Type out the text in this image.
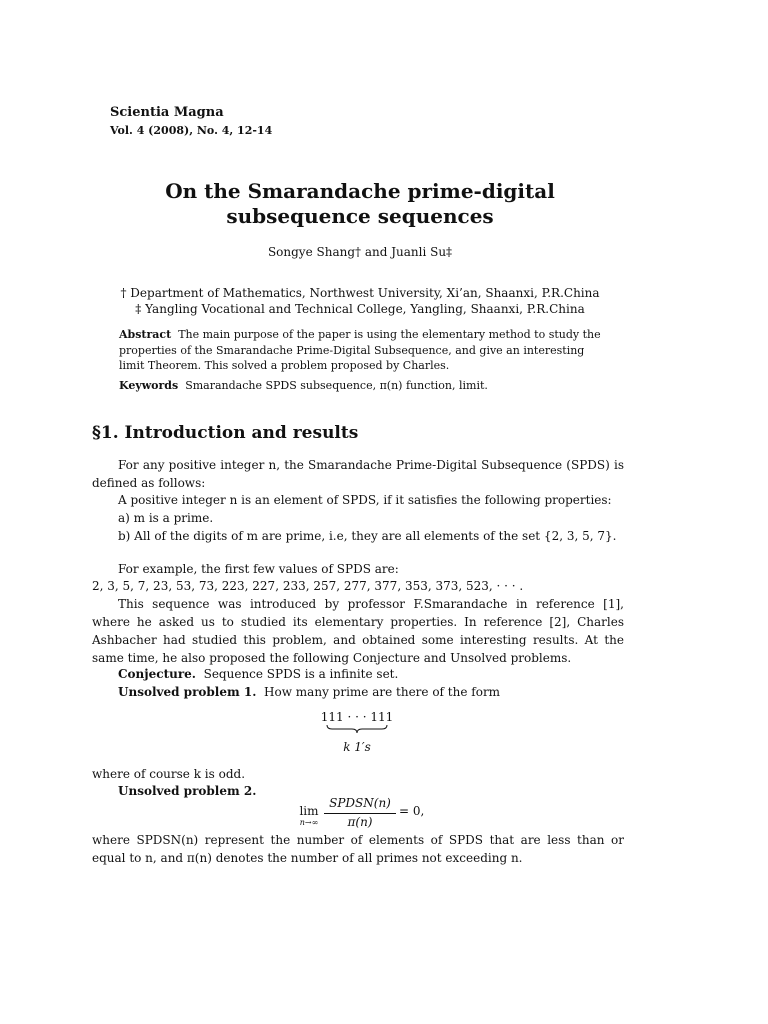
Scientia Magna
Vol. 4 (2008), No. 4, 12-14
On the Smarandache prime-digital
subsequence sequences
Songye Shang† and Juanli Su‡
† Department of Mathematics, Northwest University, Xi’an, Shaanxi, P.R.China
‡ Yangling Vocational and Technical College, Yangling, Shaanxi, P.R.China
Abstract The main purpose of the paper is using the elementary method to study the properties of the Smarandache Prime-Digital Subsequence, and give an interesting limit Theorem. This solved a problem proposed by Charles.
Keywords Smarandache SPDS subsequence, π(n) function, limit.
§1. Introduction and results
For any positive integer n, the Smarandache Prime-Digital Subsequence (SPDS) is defined as follows:
A positive integer n is an element of SPDS, if it satisfies the following properties:
a) m is a prime.
b) All of the digits of m are prime, i.e, they are all elements of the set {2, 3, 5, 7}.
For example, the first few values of SPDS are:
2, 3, 5, 7, 23, 53, 73, 223, 227, 233, 257, 277, 377, 353, 373, 523, · · · .
This sequence was introduced by professor F.Smarandache in reference [1], where he asked us to studied its elementary properties. In reference [2], Charles Ashbacher had studied this problem, and obtained some interesting results. At the same time, he also proposed the following Conjecture and Unsolved problems.
Conjecture. Sequence SPDS is a infinite set.
Unsolved problem 1. How many prime are there of the form
111 · · · 111
k 1′s
where of course k is odd.
Unsolved problem 2.
lim
n→∞
SPDSN(n)
π(n)
= 0,
where SPDSN(n) represent the number of elements of SPDS that are less than or equal to n, and π(n) denotes the number of all primes not exceeding n.
